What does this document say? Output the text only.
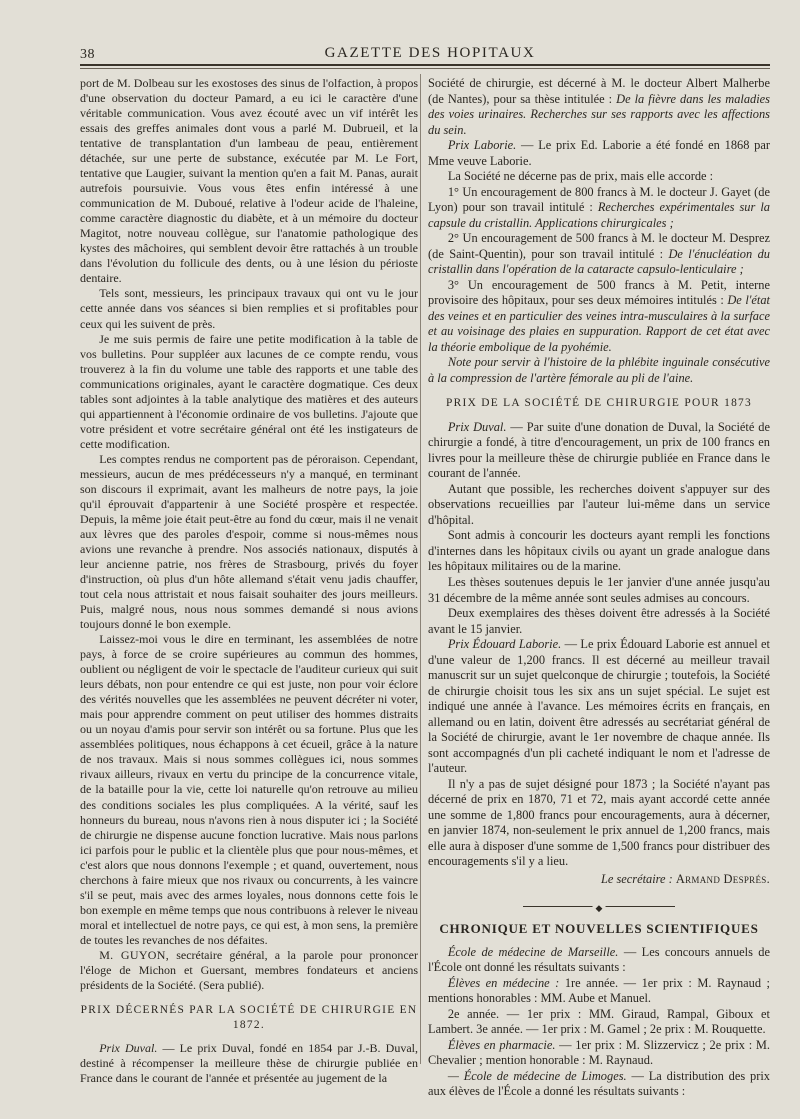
38	GAZETTE DES HOPITAUX

port de M. Dolbeau sur les exostoses des sinus de l'olfaction, à propos d'une observation du docteur Pamard, a eu ici le caractère d'une véritable communication. Vous avez écouté avec un vif intérêt les essais des greffes animales dont vous a parlé M. Dubrueil, et la tentative de transplantation d'un lambeau de peau, entièrement détachée, sur une perte de substance, exécutée par M. Le Fort, tentative que Laugier, suivant la mention qu'en a fait M. Panas, aurait autrefois poursuivie. Vous vous êtes enfin intéressé à une communication de M. Duboué, relative à l'odeur acide de l'haleine, comme caractère diagnostic du diabète, et à un mémoire du docteur Magitot, notre nouveau collègue, sur l'anatomie pathologique des kystes des mâchoires, qui semblent devoir être rattachés à un trouble dans l'évolution du follicule des dents, ou à une lésion du périoste dentaire.

Tels sont, messieurs, les principaux travaux qui ont vu le jour cette année dans vos séances si bien remplies et si profitables pour ceux qui les suivent de près.

Je me suis permis de faire une petite modification à la table de vos bulletins. Pour suppléer aux lacunes de ce compte rendu, vous trouverez à la fin du volume une table des rapports et une table des communications originales, ayant le caractère dogmatique. Ces deux tables sont adjointes à la table analytique des matières et des auteurs qui appartiennent à l'économie ordinaire de vos bulletins. J'ajoute que votre président et votre secrétaire général ont été les instigateurs de cette modification.

Les comptes rendus ne comportent pas de péroraison. Cependant, messieurs, aucun de mes prédécesseurs n'y a manqué, en terminant son discours il exprimait, avant les malheurs de notre pays, la joie qu'il éprouvait d'appartenir à une Société prospère et respectée. Depuis, la même joie était peut-être au fond du cœur, mais il ne venait aux lèvres que des paroles d'espoir, comme si nous-mêmes nous avions une revanche à prendre. Nos associés nationaux, disputés à leur ancienne patrie, nos frères de Strasbourg, privés du foyer d'instruction, où plus d'un hôte allemand s'était venu jadis chauffer, tout cela nous attristait et nous faisait souhaiter des jours meilleurs. Puis, malgré nous, nous nous sommes demandé si nous avions toujours donné le bon exemple.

Laissez-moi vous le dire en terminant, les assemblées de notre pays, à force de se croire supérieures au commun des hommes, oublient ou négligent de voir le spectacle de l'auditeur curieux qui suit leurs débats, non pour entendre ce qui est juste, non pour voir éclore des vérités nouvelles que les assemblées ne peuvent décréter ni voter, mais pour apprendre comment on peut utiliser des hommes distraits ou un noyau d'amis pour servir son intérêt ou sa fortune. Plus que les assemblées politiques, nous échappons à cet écueil, grâce à la nature de nos travaux. Mais si nous sommes collègues ici, nous sommes rivaux ailleurs, rivaux en vertu du principe de la concurrence vitale, de la bataille pour la vie, cette loi naturelle qu'on retrouve au milieu des conditions sociales les plus compliquées. A la vérité, sauf les honneurs du bureau, nous n'avons rien à nous disputer ici ; la Société de chirurgie ne dispense aucune fonction lucrative. Mais nous parlons ici parfois pour le public et la clientèle plus que pour nous-mêmes, et c'est alors que nous donnons l'exemple ; et quand, ouvertement, nous cherchons à faire mieux que nos rivaux ou concurrents, à les vaincre s'il se peut, mais avec des armes loyales, nous donnons cette fois le bon exemple en même temps que nous contribuons à relever le niveau moral et intellectuel de notre pays, ce qui est, à mon sens, la première de toutes les revanches de nos défaites.

M. GUYON, secrétaire général, a la parole pour prononcer l'éloge de Michon et Guersant, membres fondateurs et anciens présidents de la Société. (Sera publié).

PRIX DÉCERNÉS PAR LA SOCIÉTÉ DE CHIRURGIE EN 1872.

Prix Duval. — Le prix Duval, fondé en 1854 par J.-B. Duval, destiné à récompenser la meilleure thèse de chirurgie publiée en France dans le courant de l'année et présentée au jugement de la

Société de chirurgie, est décerné à M. le docteur Albert Malherbe (de Nantes), pour sa thèse intitulée : De la fièvre dans les maladies des voies urinaires. Recherches sur ses rapports avec les affections du sein.

Prix Laborie. — Le prix Ed. Laborie a été fondé en 1868 par Mme veuve Laborie.

La Société ne décerne pas de prix, mais elle accorde :

1° Un encouragement de 800 francs à M. le docteur J. Gayet (de Lyon) pour son travail intitulé : Recherches expérimentales sur la capsule du cristallin. Applications chirurgicales ;

2° Un encouragement de 500 francs à M. le docteur M. Desprez (de Saint-Quentin), pour son travail intitulé : De l'énucléation du cristallin dans l'opération de la cataracte capsulo-lenticulaire ;

3° Un encouragement de 500 francs à M. Petit, interne provisoire des hôpitaux, pour ses deux mémoires intitulés : De l'état des veines et en particulier des veines intra-musculaires à la surface et au voisinage des plaies en suppuration. Rapport de cet état avec la théorie embolique de la pyohémie.

Note pour servir à l'histoire de la phlébite inguinale consécutive à la compression de l'artère fémorale au pli de l'aine.

PRIX DE LA SOCIÉTÉ DE CHIRURGIE POUR 1873

Prix Duval. — Par suite d'une donation de Duval, la Société de chirurgie a fondé, à titre d'encouragement, un prix de 100 francs en livres pour la meilleure thèse de chirurgie publiée en France dans le courant de l'année.

Autant que possible, les recherches doivent s'appuyer sur des observations recueillies par l'auteur lui-même dans un service d'hôpital.

Sont admis à concourir les docteurs ayant rempli les fonctions d'internes dans les hôpitaux civils ou ayant un grade analogue dans les hôpitaux militaires ou de la marine.

Les thèses soutenues depuis le 1er janvier d'une année jusqu'au 31 décembre de la même année sont seules admises au concours.

Deux exemplaires des thèses doivent être adressés à la Société avant le 15 janvier.

Prix Édouard Laborie. — Le prix Édouard Laborie est annuel et d'une valeur de 1,200 francs. Il est décerné au meilleur travail manuscrit sur un sujet quelconque de chirurgie ; toutefois, la Société de chirurgie choisit tous les six ans un sujet spécial. Le sujet est indiqué une année à l'avance. Les mémoires écrits en français, en allemand ou en latin, doivent être adressés au secrétariat général de la Société de chirurgie, avant le 1er novembre de chaque année. Ils sont accompagnés d'un pli cacheté indiquant le nom et l'adresse de l'auteur.

Il n'y a pas de sujet désigné pour 1873 ; la Société n'ayant pas décerné de prix en 1870, 71 et 72, mais ayant accordé cette année une somme de 1,800 francs pour encouragements, aura à décerner, en janvier 1874, non-seulement le prix annuel de 1,200 francs, mais elle aura à disposer d'une somme de 1,500 francs pour distribuer des encouragements s'il y a lieu.

Le secrétaire : Armand Després.

◆
CHRONIQUE ET NOUVELLES SCIENTIFIQUES

École de médecine de Marseille. — Les concours annuels de l'École ont donné les résultats suivants :

Élèves en médecine : 1re année. — 1er prix : M. Raynaud ; mentions honorables : MM. Aube et Manuel.

2e année. — 1er prix : MM. Giraud, Rampal, Giboux et Lambert. 3e année. — 1er prix : M. Gamel ; 2e prix : M. Rouquette.

Élèves en pharmacie. — 1er prix : M. Slizzervicz ; 2e prix : M. Chevalier ; mention honorable : M. Raynaud.

— École de médecine de Limoges. — La distribution des prix aux élèves de l'École a donné les résultats suivants :
